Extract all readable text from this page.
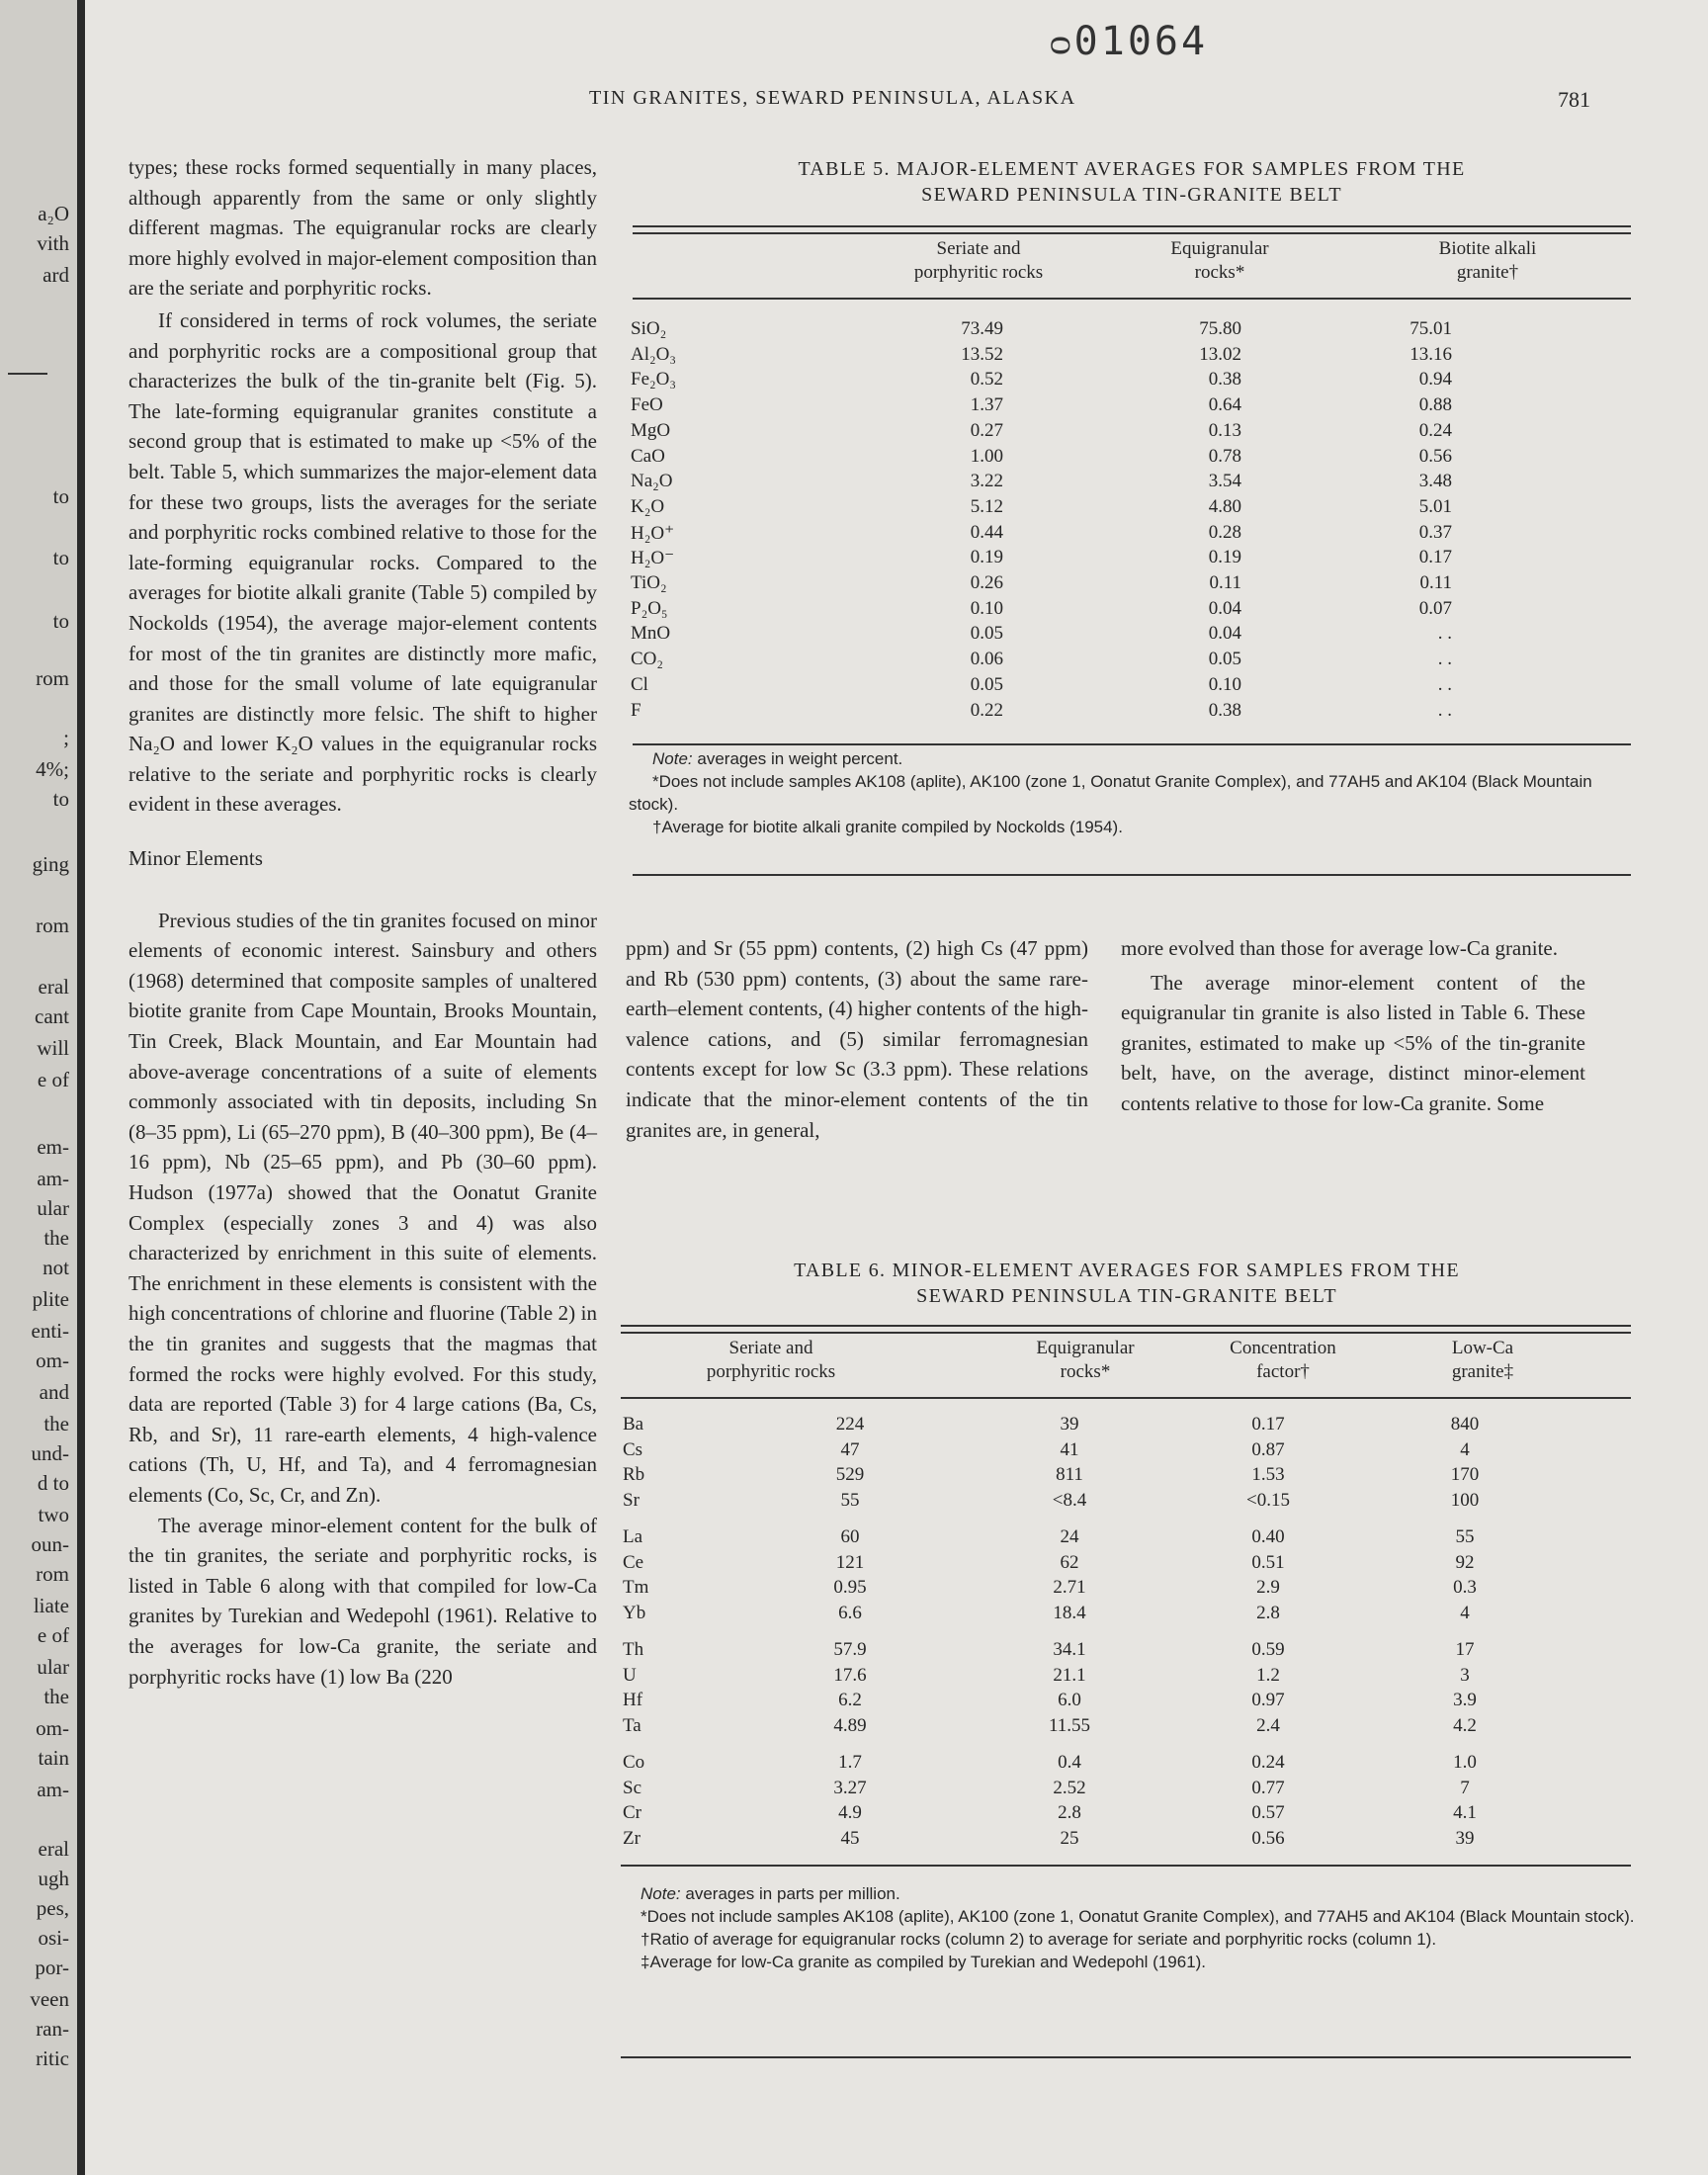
a₂O
vith
ard
to
to
to
rom
;
4%;
to
ging
rom
eral
cant
will
e of
em-
am-
ular
the
not
plite
enti-
om-
and
the
und-
d to
two
oun-
rom
liate
e of
ular
the
om-
tain
am-
eral
ugh
pes,
osi-
por-
veen
ran-
ritic
ᴑ01064
TIN GRANITES, SEWARD PENINSULA, ALASKA	781

types; these rocks formed sequentially in many places, although apparently from the same or only slightly different magmas. The equigranular rocks are clearly more highly evolved in major-element composition than are the seriate and porphyritic rocks.

If considered in terms of rock volumes, the seriate and porphyritic rocks are a compositional group that characterizes the bulk of the tin-granite belt (Fig. 5). The late-forming equigranular granites constitute a second group that is estimated to make up <5% of the belt. Table 5, which summarizes the major-element data for these two groups, lists the averages for the seriate and porphyritic rocks combined relative to those for the late-forming equigranular rocks. Compared to the averages for biotite alkali granite (Table 5) compiled by Nockolds (1954), the average major-element contents for most of the tin granites are distinctly more mafic, and those for the small volume of late equigranular granites are distinctly more felsic. The shift to higher Na₂O and lower K₂O values in the equigranular rocks relative to the seriate and porphyritic rocks is clearly evident in these averages.

Minor Elements

Previous studies of the tin granites focused on minor elements of economic interest. Sainsbury and others (1968) determined that composite samples of unaltered biotite granite from Cape Mountain, Brooks Mountain, Tin Creek, Black Mountain, and Ear Mountain had above-average concentrations of a suite of elements commonly associated with tin deposits, including Sn (8–35 ppm), Li (65–270 ppm), B (40–300 ppm), Be (4–16 ppm), Nb (25–65 ppm), and Pb (30–60 ppm). Hudson (1977a) showed that the Oonatut Granite Complex (especially zones 3 and 4) was also characterized by enrichment in this suite of elements. The enrichment in these elements is consistent with the high concentrations of chlorine and fluorine (Table 2) in the tin granites and suggests that the magmas that formed the rocks were highly evolved. For this study, data are reported (Table 3) for 4 large cations (Ba, Cs, Rb, and Sr), 11 rare-earth elements, 4 high-valence cations (Th, U, Hf, and Ta), and 4 ferromagnesian elements (Co, Sc, Cr, and Zn).

The average minor-element content for the bulk of the tin granites, the seriate and porphyritic rocks, is listed in Table 6 along with that compiled for low-Ca granites by Turekian and Wedepohl (1961). Relative to the averages for low-Ca granite, the seriate and porphyritic rocks have (1) low Ba (220

TABLE 5. MAJOR-ELEMENT AVERAGES FOR SAMPLES FROM THE
SEWARD PENINSULA TIN-GRANITE BELT
Seriate and
porphyritic rocks
Equigranular
rocks*
Biotite alkali
granite†
SiO₂	73.49	75.80	75.01
Al₂O₃	13.52	13.02	13.16
Fe₂O₃	0.52	0.38	0.94
FeO	1.37	0.64	0.88
MgO	0.27	0.13	0.24
CaO	1.00	0.78	0.56
Na₂O	3.22	3.54	3.48
K₂O	5.12	4.80	5.01
H₂O⁺	0.44	0.28	0.37
H₂O⁻	0.19	0.19	0.17
TiO₂	0.26	0.11	0.11
P₂O₅	0.10	0.04	0.07
MnO	0.05	0.04	. .
CO₂	0.06	0.05	. .
Cl	0.05	0.10	. .
F	0.22	0.38	. .
Note: averages in weight percent.
*Does not include samples AK108 (aplite), AK100 (zone 1, Oonatut Granite Complex), and 77AH5 and AK104 (Black Mountain stock).
†Average for biotite alkali granite compiled by Nockolds (1954).

ppm) and Sr (55 ppm) contents, (2) high Cs (47 ppm) and Rb (530 ppm) contents, (3) about the same rare-earth–element contents, (4) higher contents of the high-valence cations, and (5) similar ferromagnesian contents except for low Sc (3.3 ppm). These relations indicate that the minor-element contents of the tin granites are, in general,

more evolved than those for average low-Ca granite.

The average minor-element content of the equigranular tin granite is also listed in Table 6. These granites, estimated to make up <5% of the tin-granite belt, have, on the average, distinct minor-element contents relative to those for low-Ca granite. Some

TABLE 6. MINOR-ELEMENT AVERAGES FOR SAMPLES FROM THE
SEWARD PENINSULA TIN-GRANITE BELT
Seriate and
porphyritic rocks
Equigranular
rocks*
Concentration
factor†
Low-Ca
granite‡
Ba	224	39	0.17	840
Cs	47	41	0.87	4
Rb	529	811	1.53	170
Sr	55	<8.4	<0.15	100
La	60	24	0.40	55
Ce	121	62	0.51	92
Tm	0.95	2.71	2.9	0.3
Yb	6.6	18.4	2.8	4
Th	57.9	34.1	0.59	17
U	17.6	21.1	1.2	3
Hf	6.2	6.0	0.97	3.9
Ta	4.89	11.55	2.4	4.2
Co	1.7	0.4	0.24	1.0
Sc	3.27	2.52	0.77	7
Cr	4.9	2.8	0.57	4.1
Zr	45	25	0.56	39
Note: averages in parts per million.
*Does not include samples AK108 (aplite), AK100 (zone 1, Oonatut Granite Complex), and 77AH5 and AK104 (Black Mountain stock).
†Ratio of average for equigranular rocks (column 2) to average for seriate and porphyritic rocks (column 1).
‡Average for low-Ca granite as compiled by Turekian and Wedepohl (1961).
